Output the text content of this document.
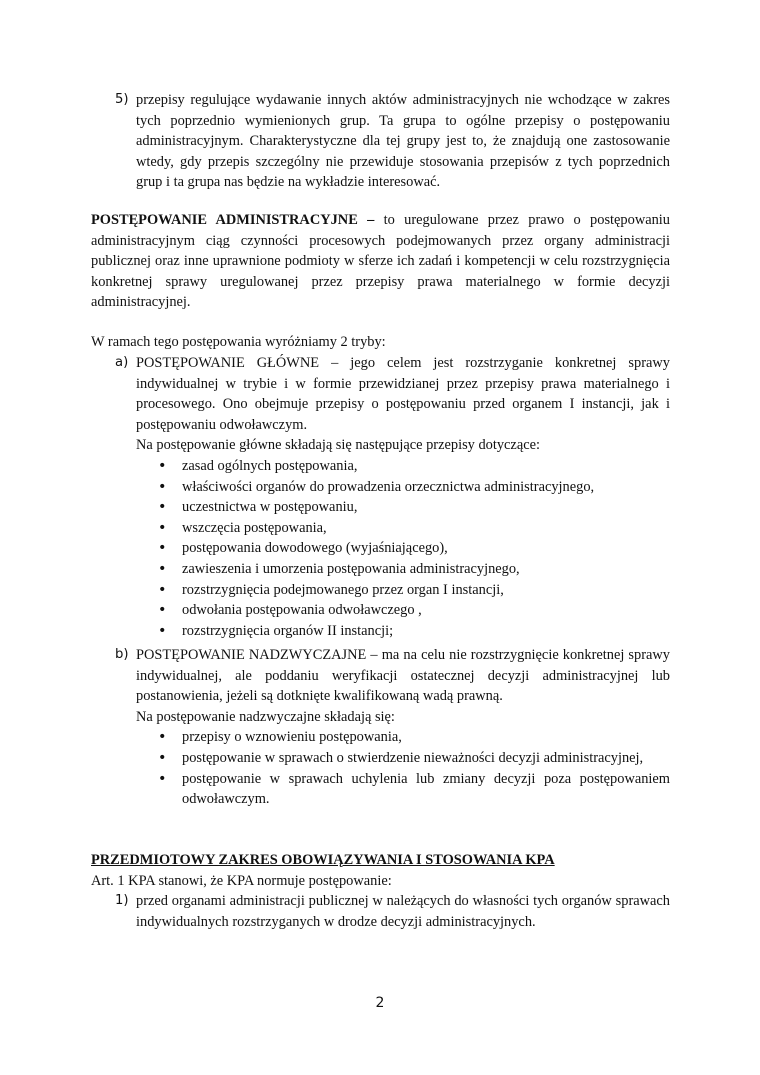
5) przepisy regulujące wydawanie innych aktów administracyjnych nie wchodzące w zakres tych poprzednio wymienionych grup. Ta grupa to ogólne przepisy o postępowaniu administracyjnym. Charakterystyczne dla tej grupy jest to, że znajdują one zastosowanie wtedy, gdy przepis szczególny nie przewiduje stosowania przepisów z tych poprzednich grup i ta grupa nas będzie na wykładzie interesować.

POSTĘPOWANIE ADMINISTRACYJNE – to uregulowane przez prawo o postępowaniu administracyjnym ciąg czynności procesowych podejmowanych przez organy administracji publicznej oraz inne uprawnione podmioty w sferze ich zadań i kompetencji w celu rozstrzygnięcia konkretnej sprawy uregulowanej przez przepisy prawa materialnego w formie decyzji administracyjnej.

W ramach tego postępowania wyróżniamy 2 tryby:

a) POSTĘPOWANIE GŁÓWNE – jego celem jest rozstrzyganie konkretnej sprawy indywidualnej w trybie i w formie przewidzianej przez przepisy prawa materialnego i procesowego. Ono obejmuje przepisy o postępowaniu przed organem I instancji, jak i postępowaniu odwoławczym.
Na postępowanie główne składają się następujące przepisy dotyczące:
• zasad ogólnych postępowania,
• właściwości organów do prowadzenia orzecznictwa administracyjnego,
• uczestnictwa w postępowaniu,
• wszczęcia postępowania,
• postępowania dowodowego (wyjaśniającego),
• zawieszenia i umorzenia postępowania administracyjnego,
• rozstrzygnięcia podejmowanego przez organ I instancji,
• odwołania postępowania odwoławczego ,
• rozstrzygnięcia organów II instancji;
b) POSTĘPOWANIE NADZWYCZAJNE – ma na celu nie rozstrzygnięcie konkretnej sprawy indywidualnej, ale poddaniu weryfikacji ostatecznej decyzji administracyjnej lub postanowienia, jeżeli są dotknięte kwalifikowaną wadą prawną.
Na postępowanie nadzwyczajne składają się:
• przepisy o wznowieniu postępowania,
• postępowanie w sprawach o stwierdzenie nieważności decyzji administracyjnej,
• postępowanie w sprawach uchylenia lub zmiany decyzji poza postępowaniem odwoławczym.

PRZEDMIOTOWY ZAKRES OBOWIĄZYWANIA I STOSOWANIA KPA

Art. 1 KPA stanowi, że KPA normuje postępowanie:

1) przed organami administracji publicznej w należących do własności tych organów sprawach indywidualnych rozstrzyganych w drodze decyzji administracyjnych.
2
